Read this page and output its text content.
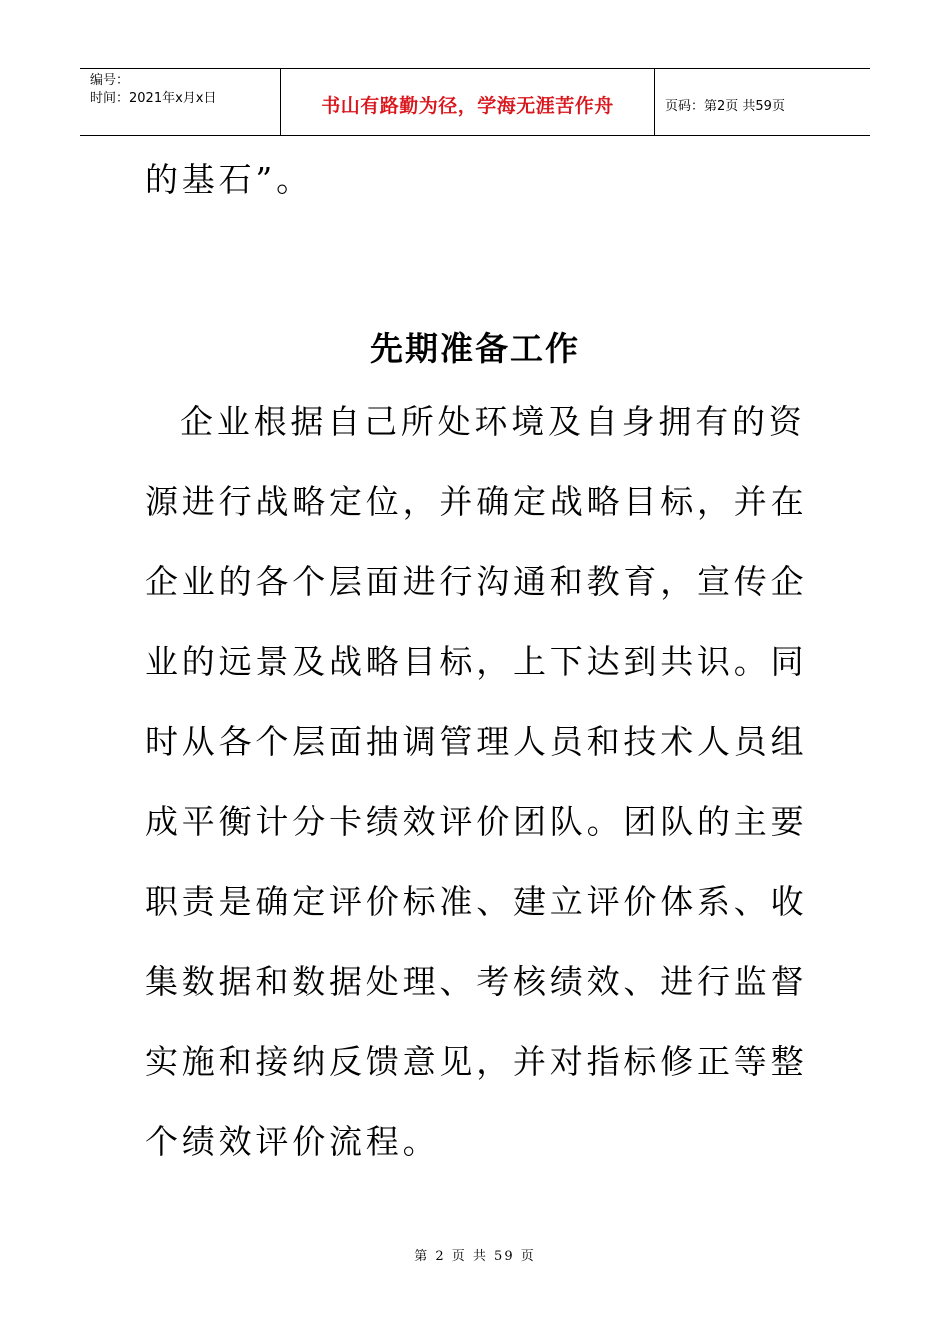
编号：
时间：2021年x月x日	书山有路勤为径，学海无涯苦作舟	页码：第2页 共59页
的基石”。
先期准备工作
企业根据自己所处环境及自身拥有的资
源进行战略定位，并确定战略目标，并在
企业的各个层面进行沟通和教育，宣传企
业的远景及战略目标，上下达到共识。同
时从各个层面抽调管理人员和技术人员组
成平衡计分卡绩效评价团队。团队的主要
职责是确定评价标准、建立评价体系、收
集数据和数据处理、考核绩效、进行监督
实施和接纳反馈意见，并对指标修正等整
个绩效评价流程。
第 2 页 共 59 页
